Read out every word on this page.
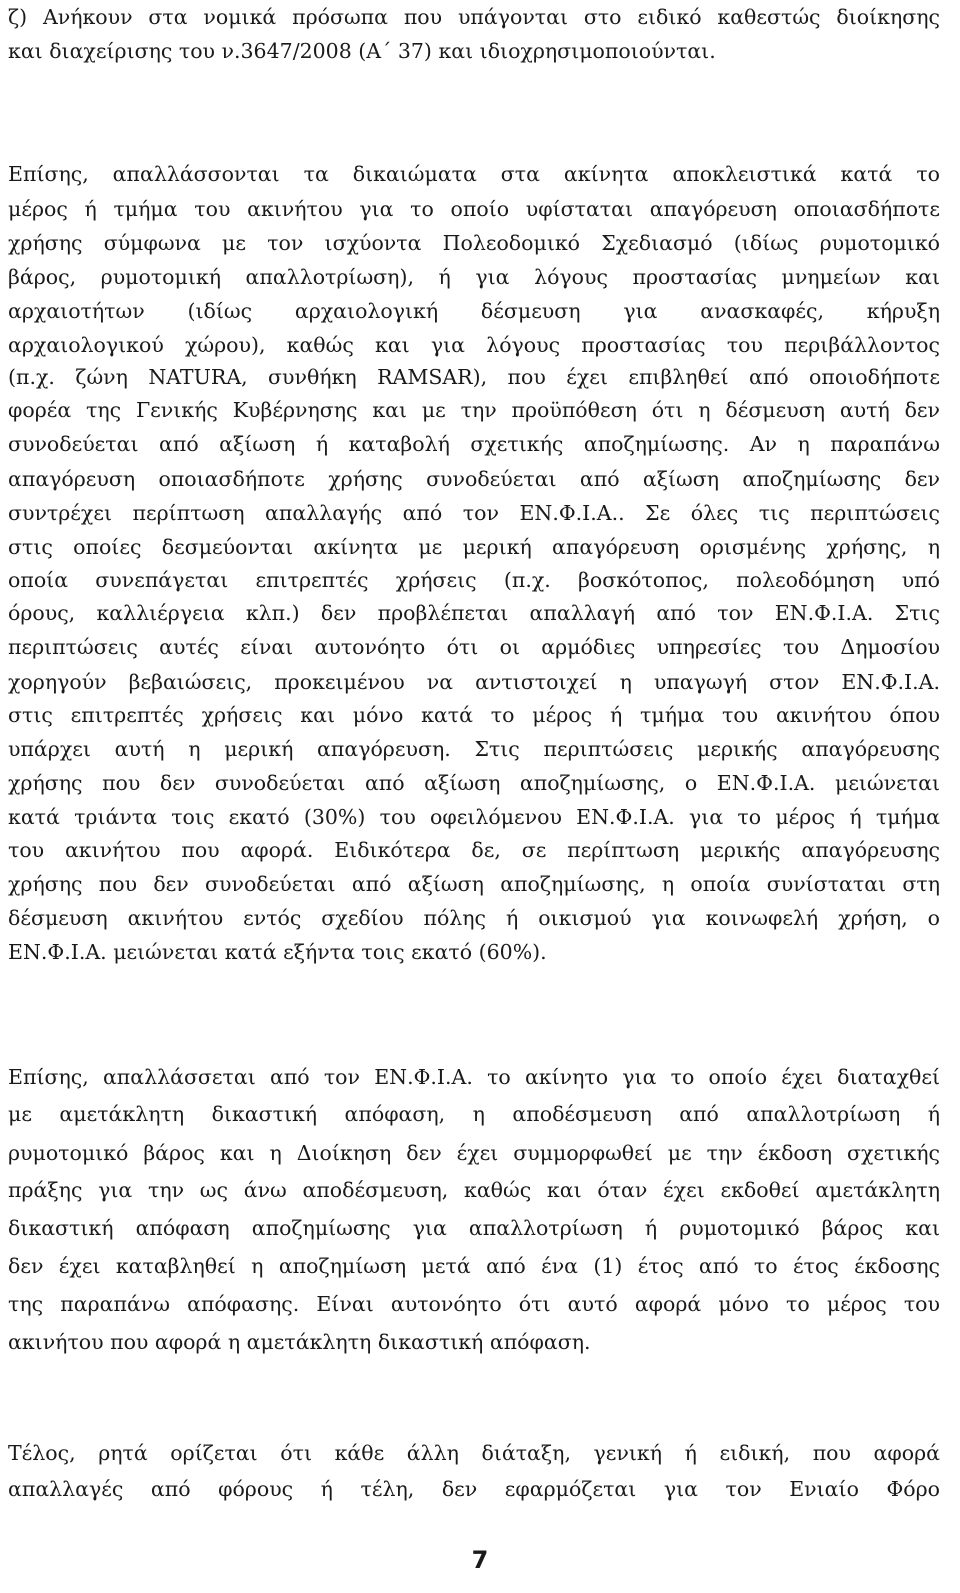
ζ) Ανήκουν στα νομικά πρόσωπα που υπάγονται στο ειδικό καθεστώς διοίκησης
και διαχείρισης του ν.3647/2008 (Α΄ 37) και ιδιοχρησιμοποιούνται.
Επίσης, απαλλάσσονται τα δικαιώματα στα ακίνητα αποκλειστικά κατά το
μέρος ή τμήμα του ακινήτου για το οποίο υφίσταται απαγόρευση οποιασδήποτε
χρήσης σύμφωνα με τον ισχύοντα Πολεοδομικό Σχεδιασμό (ιδίως ρυμοτομικό
βάρος, ρυμοτομική απαλλοτρίωση), ή για λόγους προστασίας μνημείων και
αρχαιοτήτων (ιδίως αρχαιολογική δέσμευση για ανασκαφές, κήρυξη
αρχαιολογικού χώρου), καθώς και για λόγους προστασίας του περιβάλλοντος
(π.χ. ζώνη NATURA, συνθήκη RAMSAR), που έχει επιβληθεί από οποιοδήποτε
φορέα της Γενικής Κυβέρνησης και με την προϋπόθεση ότι η δέσμευση αυτή δεν
συνοδεύεται από αξίωση ή καταβολή σχετικής αποζημίωσης. Αν η παραπάνω
απαγόρευση οποιασδήποτε χρήσης συνοδεύεται από αξίωση αποζημίωσης δεν
συντρέχει περίπτωση απαλλαγής από τον ΕΝ.Φ.Ι.Α.. Σε όλες τις περιπτώσεις
στις οποίες δεσμεύονται ακίνητα με μερική απαγόρευση ορισμένης χρήσης, η
οποία συνεπάγεται επιτρεπτές χρήσεις (π.χ. βοσκότοπος, πολεοδόμηση υπό
όρους, καλλιέργεια κλπ.) δεν προβλέπεται απαλλαγή από τον ΕΝ.Φ.Ι.Α. Στις
περιπτώσεις αυτές είναι αυτονόητο ότι οι αρμόδιες υπηρεσίες του Δημοσίου
χορηγούν βεβαιώσεις, προκειμένου να αντιστοιχεί η υπαγωγή στον ΕΝ.Φ.Ι.Α.
στις επιτρεπτές χρήσεις και μόνο κατά το μέρος ή τμήμα του ακινήτου όπου
υπάρχει αυτή η μερική απαγόρευση. Στις περιπτώσεις μερικής απαγόρευσης
χρήσης που δεν συνοδεύεται από αξίωση αποζημίωσης, ο ΕΝ.Φ.Ι.Α. μειώνεται
κατά τριάντα τοις εκατό (30%) του οφειλόμενου ΕΝ.Φ.Ι.Α. για το μέρος ή τμήμα
του ακινήτου που αφορά. Ειδικότερα δε, σε περίπτωση μερικής απαγόρευσης
χρήσης που δεν συνοδεύεται από αξίωση αποζημίωσης, η οποία συνίσταται στη
δέσμευση ακινήτου εντός σχεδίου πόλης ή οικισμού για κοινωφελή χρήση, ο
ΕΝ.Φ.Ι.Α. μειώνεται κατά εξήντα τοις εκατό (60%).
Επίσης, απαλλάσσεται από τον ΕΝ.Φ.Ι.Α. το ακίνητο για το οποίο έχει διαταχθεί
με αμετάκλητη δικαστική απόφαση, η αποδέσμευση από απαλλοτρίωση ή
ρυμοτομικό βάρος και η Διοίκηση δεν έχει συμμορφωθεί με την έκδοση σχετικής
πράξης για την ως άνω αποδέσμευση, καθώς και όταν έχει εκδοθεί αμετάκλητη
δικαστική απόφαση αποζημίωσης για απαλλοτρίωση ή ρυμοτομικό βάρος και
δεν έχει καταβληθεί η αποζημίωση μετά από ένα (1) έτος από το έτος έκδοσης
της παραπάνω απόφασης. Είναι αυτονόητο ότι αυτό αφορά μόνο το μέρος του
ακινήτου που αφορά η αμετάκλητη δικαστική απόφαση.
Τέλος, ρητά ορίζεται ότι κάθε άλλη διάταξη, γενική ή ειδική, που αφορά
απαλλαγές από φόρους ή τέλη, δεν εφαρμόζεται για τον Ενιαίο Φόρο
7
